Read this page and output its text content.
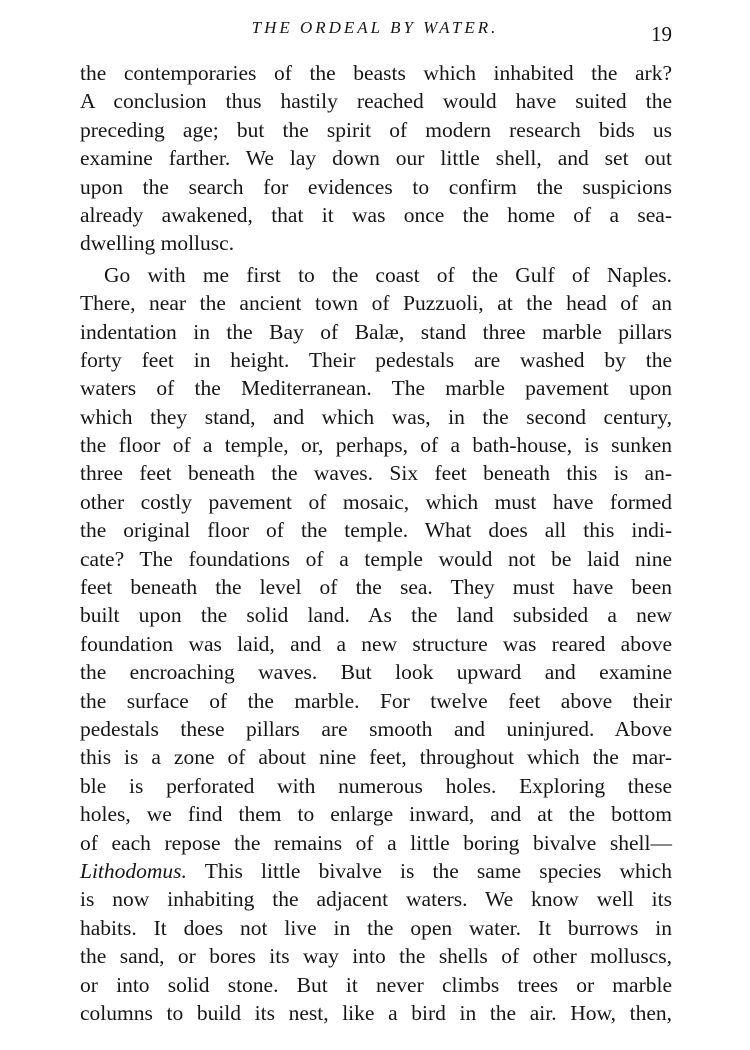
THE ORDEAL BY WATER.	19
the contemporaries of the beasts which inhabited the ark?
A conclusion thus hastily reached would have suited the
preceding age; but the spirit of modern research bids us
examine farther. We lay down our little shell, and set out
upon the search for evidences to confirm the suspicions
already awakened, that it was once the home of a sea-
dwelling mollusc.
Go with me first to the coast of the Gulf of Naples.
There, near the ancient town of Puzzuoli, at the head of an
indentation in the Bay of Balæ, stand three marble pillars
forty feet in height. Their pedestals are washed by the
waters of the Mediterranean. The marble pavement upon
which they stand, and which was, in the second century,
the floor of a temple, or, perhaps, of a bath-house, is sunken
three feet beneath the waves. Six feet beneath this is an-
other costly pavement of mosaic, which must have formed
the original floor of the temple. What does all this indi-
cate? The foundations of a temple would not be laid nine
feet beneath the level of the sea. They must have been
built upon the solid land. As the land subsided a new
foundation was laid, and a new structure was reared above
the encroaching waves. But look upward and examine
the surface of the marble. For twelve feet above their
pedestals these pillars are smooth and uninjured. Above
this is a zone of about nine feet, throughout which the mar-
ble is perforated with numerous holes. Exploring these
holes, we find them to enlarge inward, and at the bottom
of each repose the remains of a little boring bivalve shell—
Lithodomus. This little bivalve is the same species which
is now inhabiting the adjacent waters. We know well its
habits. It does not live in the open water. It burrows in
the sand, or bores its way into the shells of other molluscs,
or into solid stone. But it never climbs trees or marble
columns to build its nest, like a bird in the air. How, then,
